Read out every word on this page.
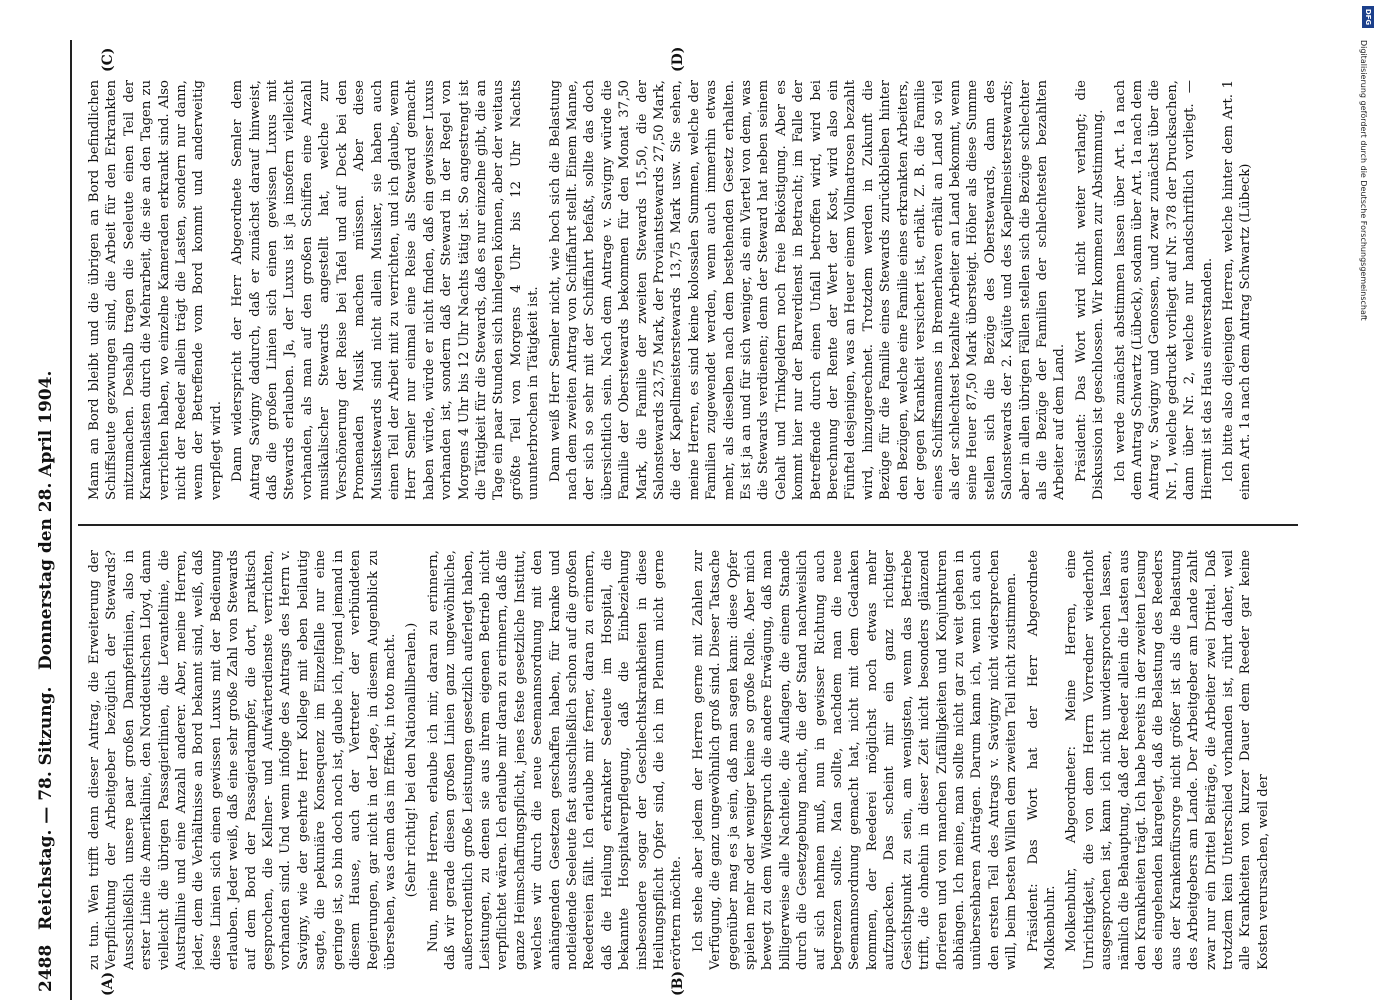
2488
Reichstag. — 78. Sitzung.
Donnerstag den 28. April 1904.
(A)	(B)
(C)	(D)

zu tun. Wen trifft denn dieser Antrag, die Erweiterung der Verpflichtung der Arbeitgeber bezüglich der Stewards? Ausschließlich unsere paar großen Dampferlinien, also in erster Linie die Amerikalinie, den Norddeutschen Lloyd, dann vielleicht die übrigen Passagierlinien, die Levantelinie, die Australlinie und eine Anzahl anderer. Aber, meine Herren, jeder, dem die Verhältnisse an Bord bekannt sind, weiß, daß diese Linien sich einen gewissen Luxus mit der Bedienung erlauben. Jeder weiß, daß eine sehr große Zahl von Stewards auf dem Bord der Passagierdampfer, die dort, praktisch gesprochen, die Kellner- und Aufwärterdienste verrichten, vorhanden sind. Und wenn infolge des Antrags des Herrn v. Savigny, wie der geehrte Herr Kollege mit eben beilautig sagte, die pekuniäre Konsequenz im Einzelfalle nur eine geringe ist, so bin doch noch ist, glaube ich, irgend jemand in diesem Hause, auch der Vertreter der verbündeten Regierungen, gar nicht in der Lage, in diesem Augenblick zu übersehen, was denn das im Effekt, in toto macht. (Sehr richtig! bei den Nationalliberalen.) Nun, meine Herren, erlaube ich mir, daran zu erinnern, daß wir gerade diesen großen Linien ganz ungewöhnliche, außerordentlich große Leistungen gesetzlich auferlegt haben, Leistungen, zu denen sie aus ihrem eigenen Betrieb nicht verpflichtet wären. Ich erlaube mir daran zu erinnern, daß die ganze Heimschaffungspflicht, jenes feste gesetzliche Institut, welches wir durch die neue Seemannsordnung mit den anhängenden Gesetzen geschaffen haben, für kranke und notleidende Seeleute fast ausschließlich schon auf die großen Reedereien fällt. Ich erlaube mir ferner, daran zu erinnern, daß die Heilung erkrankter Seeleute im Hospital, die bekannte Hospitalverpflegung, daß die Einbeziehung insbesondere sogar der Geschlechtskrankheiten in diese Heilungspflicht Opfer sind, die ich im Plenum nicht gerne erörtern möchte. Ich stehe aber jedem der Herren gerne mit Zahlen zur Verfügung, die ganz ungewöhnlich groß sind. Dieser Tatsache gegenüber mag es ja sein, daß man sagen kann: diese Opfer spielen mehr oder weniger keine so große Rolle. Aber mich bewegt zu dem Widerspruch die andere Erwägung, daß man billigerweise alle Nachteile, die Auflagen, die einem Stande durch die Gesetzgebung macht, die der Stand nachweislich auf sich nehmen muß, nun in gewisser Richtung auch begrenzen sollte. Man sollte, nachdem man die neue Seemannsordnung gemacht hat, nicht mit dem Gedanken kommen, der Reederei möglichst noch etwas mehr aufzupacken. Das scheint mir ein ganz richtiger Gesichtspunkt zu sein, am wenigsten, wenn das Betriebe trifft, die ohnehin in dieser Zeit nicht besonders glänzend florieren und von manchen Zufälligkeiten und Konjunkturen abhängen. Ich meine, man sollte nicht gar zu weit gehen in unübersehbaren Anträgen. Darum kann ich, wenn ich auch den ersten Teil des Antrags v. Savigny nicht widersprechen will, beim besten Willen dem zweiten Teil nicht zustimmen. Präsident: Das Wort hat der Herr Abgeordnete Molkenbuhr. Molkenbuhr, Abgeordneter: Meine Herren, eine Unrichtigkeit, die von dem Herrn Vorredner wiederholt ausgesprochen ist, kann ich nicht unwidersprochen lassen, nämlich die Behauptung, daß der Reeder allein die Lasten aus den Krankheiten trägt. Ich habe bereits in der zweiten Lesung des eingehenden klargelegt, daß die Belastung des Reeders aus der Krankenfürsorge nicht größer ist als die Belastung des Arbeitgebers am Lande. Der Arbeitgeber am Lande zahlt zwar nur ein Drittel Beiträge, die Arbeiter zwei Drittel. Daß trotzdem kein Unterschied vorhanden ist, rührt daher, weil alle Krankheiten von kurzer Dauer dem Reeder gar keine Kosten verursachen, weil der

Mann an Bord bleibt und die übrigen an Bord befindlichen Schiffsleute gezwungen sind, die Arbeit für den Erkrankten mitzumachen. Deshalb tragen die Seeleute einen Teil der Krankenlasten durch die Mehrarbeit, die sie an den Tagen zu verrichten haben, wo einzelne Kameraden erkrankt sind. Also nicht der Reeder allein trägt die Lasten, sondern nur dann, wenn der Betreffende vom Bord kommt und anderweitig verpflegt wird. Dann widerspricht der Herr Abgeordnete Semler dem Antrag Savigny dadurch, daß er zunächst darauf hinweist, daß die großen Linien sich einen gewissen Luxus mit Stewards erlauben. Ja, der Luxus ist ja insofern vielleicht vorhanden, als man auf den großen Schiffen eine Anzahl musikalischer Stewards angestellt hat, welche zur Verschönerung der Reise bei Tafel und auf Deck bei den Promenaden Musik machen müssen. Aber diese Musikstewards sind nicht allein Musiker, sie haben auch einen Teil der Arbeit mit zu verrichten, und ich glaube, wenn Herr Semler nur einmal eine Reise als Steward gemacht haben würde, würde er nicht finden, daß ein gewisser Luxus vorhanden ist, sondern daß der Steward in der Regel von Morgens 4 Uhr bis 12 Uhr Nachts tätig ist. So angestrengt ist die Tätigkeit für die Stewards, daß es nur einzelne gibt, die an Tage ein paar Stunden sich hinlegen können, aber der weitaus größte Teil von Morgens 4 Uhr bis 12 Uhr Nachts ununterbrochen in Tätigkeit ist. Dann weiß Herr Semler nicht, wie hoch sich die Belastung nach dem zweiten Antrag von Schiffahrt stellt. Einem Manne, der sich so sehr mit der Schiffahrt befaßt, sollte das doch übersichtlich sein. Nach dem Antrage v. Savigny würde die Familie der Oberstewards bekommen für den Monat 37,50 Mark, die Familie der zweiten Stewards 15,50, die der Salonstewards 23,75 Mark, der Proviantstewards 27,50 Mark, die der Kapellmeisterstewards 13,75 Mark usw. Sie sehen, meine Herren, es sind keine kolossalen Summen, welche der Familien zugewendet werden, wenn auch immerhin etwas mehr, als dieselben nach dem bestehenden Gesetz erhalten. Es ist ja an und für sich weniger, als ein Viertel von dem, was die Stewards verdienen; denn der Steward hat neben seinem Gehalt und Trinkgeldern noch freie Beköstigung. Aber es kommt hier nur der Barverdienst in Betracht; im Falle der Betreffende durch einen Unfall betroffen wird, wird bei Berechnung der Rente der Wert der Kost, wird also ein Fünftel desjenigen, was an Heuer einem Vollmatrosen bezahlt wird, hinzugerechnet. Trotzdem werden in Zukunft die Bezüge für die Familie eines Stewards zurückbleiben hinter den Bezügen, welche eine Familie eines erkrankten Arbeiters, der gegen Krankheit versichert ist, erhält. Z. B. die Familie eines Schiffsmannes in Bremerhaven erhält an Land so viel als der schlechtest bezahlte Arbeiter an Land bekommt, wenn seine Heuer 87,50 Mark übersteigt. Höher als diese Summe stellen sich die Bezüge des Oberstewards, dann des Salonstewards der 2. Kajüte und des Kapellmeisterstewards; aber in allen übrigen Fällen stellen sich die Bezüge schlechter als die Bezüge der Familien der schlechtesten bezahlten Arbeiter auf dem Land. Präsident: Das Wort wird nicht weiter verlangt; die Diskussion ist geschlossen. Wir kommen zur Abstimmung. Ich werde zunächst abstimmen lassen über Art. 1a nach dem Antrag Schwartz (Lübeck), sodann über Art. 1a nach dem Antrag v. Savigny und Genossen, und zwar zunächst über die Nr. 1, welche gedruckt vorliegt auf Nr. 378 der Drucksachen, dann über Nr. 2, welche nur handschriftlich vorliegt. — Hiermit ist das Haus einverstanden. Ich bitte also diejenigen Herren, welche hinter dem Art. 1 einen Art. 1a nach dem Antrag Schwartz (Lübeck)

DFG
Digitalisierung gefördert durch die Deutsche Forschungsgemeinschaft
